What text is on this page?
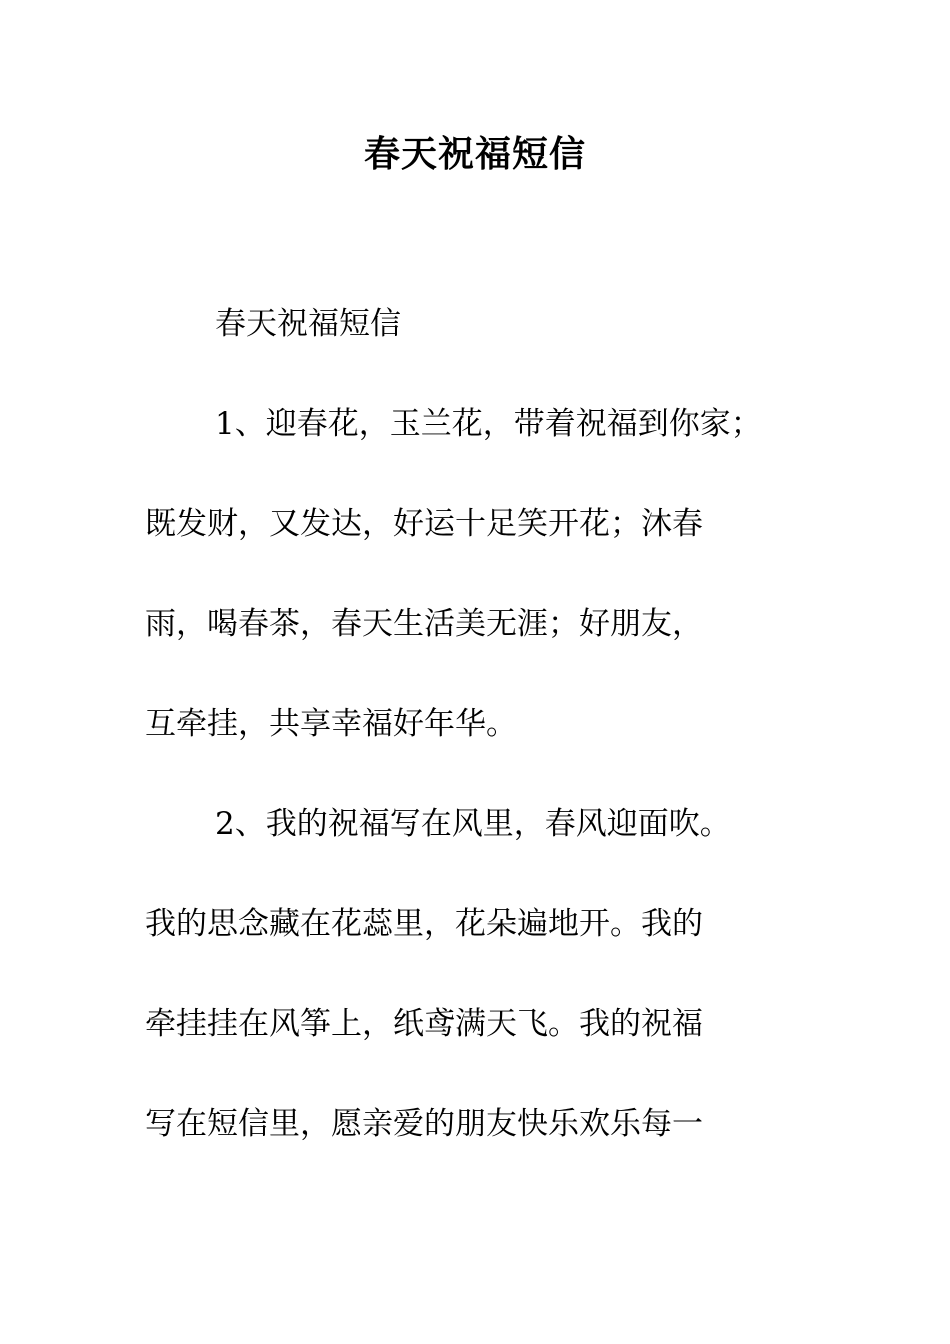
春天祝福短信

春天祝福短信

1、迎春花，玉兰花，带着祝福到你家；

既发财，又发达，好运十足笑开花；沐春

雨，喝春茶，春天生活美无涯；好朋友，

互牵挂，共享幸福好年华。

2、我的祝福写在风里，春风迎面吹。

我的思念藏在花蕊里，花朵遍地开。我的

牵挂挂在风筝上，纸鸢满天飞。我的祝福

写在短信里，愿亲爱的朋友快乐欢乐每一
